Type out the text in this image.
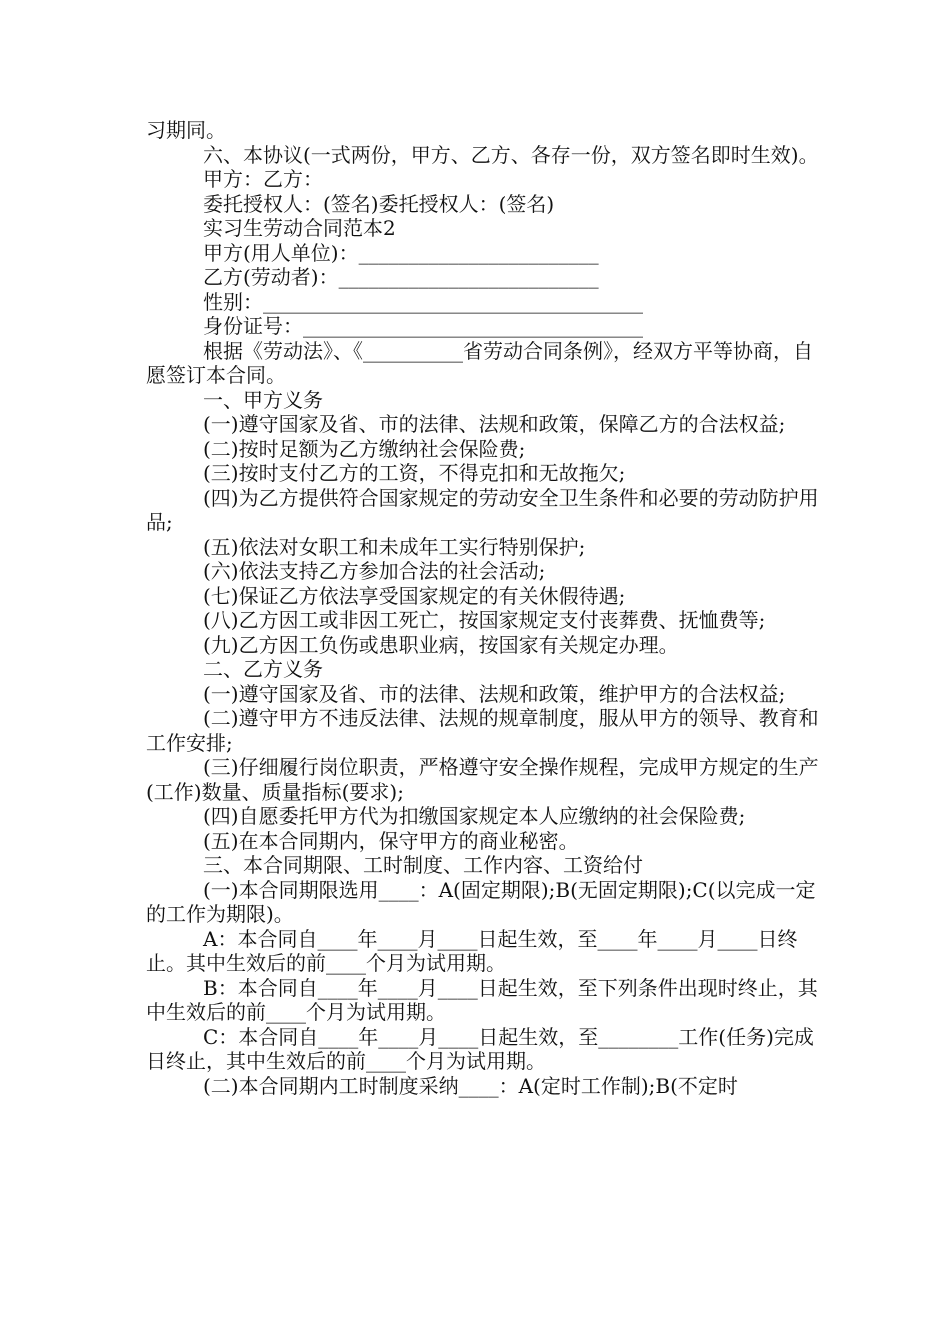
习期同。

六、本协议(一式两份，甲方、乙方、各存一份，双方签名即时生效)。

甲方：乙方：

委托授权人：(签名)委托授权人：(签名)

实习生劳动合同范本2

甲方(用人单位)：________________________

乙方(劳动者)：__________________________

性别：______________________________________

身份证号：__________________________________

根据《劳动法》、《__________省劳动合同条例》，经双方平等协商，自愿签订本合同。

一、甲方义务

(一)遵守国家及省、市的法律、法规和政策，保障乙方的合法权益;

(二)按时足额为乙方缴纳社会保险费;

(三)按时支付乙方的工资，不得克扣和无故拖欠;

(四)为乙方提供符合国家规定的劳动安全卫生条件和必要的劳动防护用品;

(五)依法对女职工和未成年工实行特别保护;

(六)依法支持乙方参加合法的社会活动;

(七)保证乙方依法享受国家规定的有关休假待遇;

(八)乙方因工或非因工死亡，按国家规定支付丧葬费、抚恤费等;

(九)乙方因工负伤或患职业病，按国家有关规定办理。

二、乙方义务

(一)遵守国家及省、市的法律、法规和政策，维护甲方的合法权益;

(二)遵守甲方不违反法律、法规的规章制度，服从甲方的领导、教育和工作安排;

(三)仔细履行岗位职责，严格遵守安全操作规程，完成甲方规定的生产(工作)数量、质量指标(要求);

(四)自愿委托甲方代为扣缴国家规定本人应缴纳的社会保险费;

(五)在本合同期内，保守甲方的商业秘密。

三、本合同期限、工时制度、工作内容、工资给付

(一)本合同期限选用____：A(固定期限);B(无固定期限);C(以完成一定的工作为期限)。

A：本合同自____年____月____日起生效，至____年____月____日终止。其中生效后的前____个月为试用期。

B：本合同自____年____月____日起生效，至下列条件出现时终止，其中生效后的前____个月为试用期。

C：本合同自____年____月____日起生效，至________工作(任务)完成日终止，其中生效后的前____个月为试用期。

(二)本合同期内工时制度采纳____：A(定时工作制);B(不定时
